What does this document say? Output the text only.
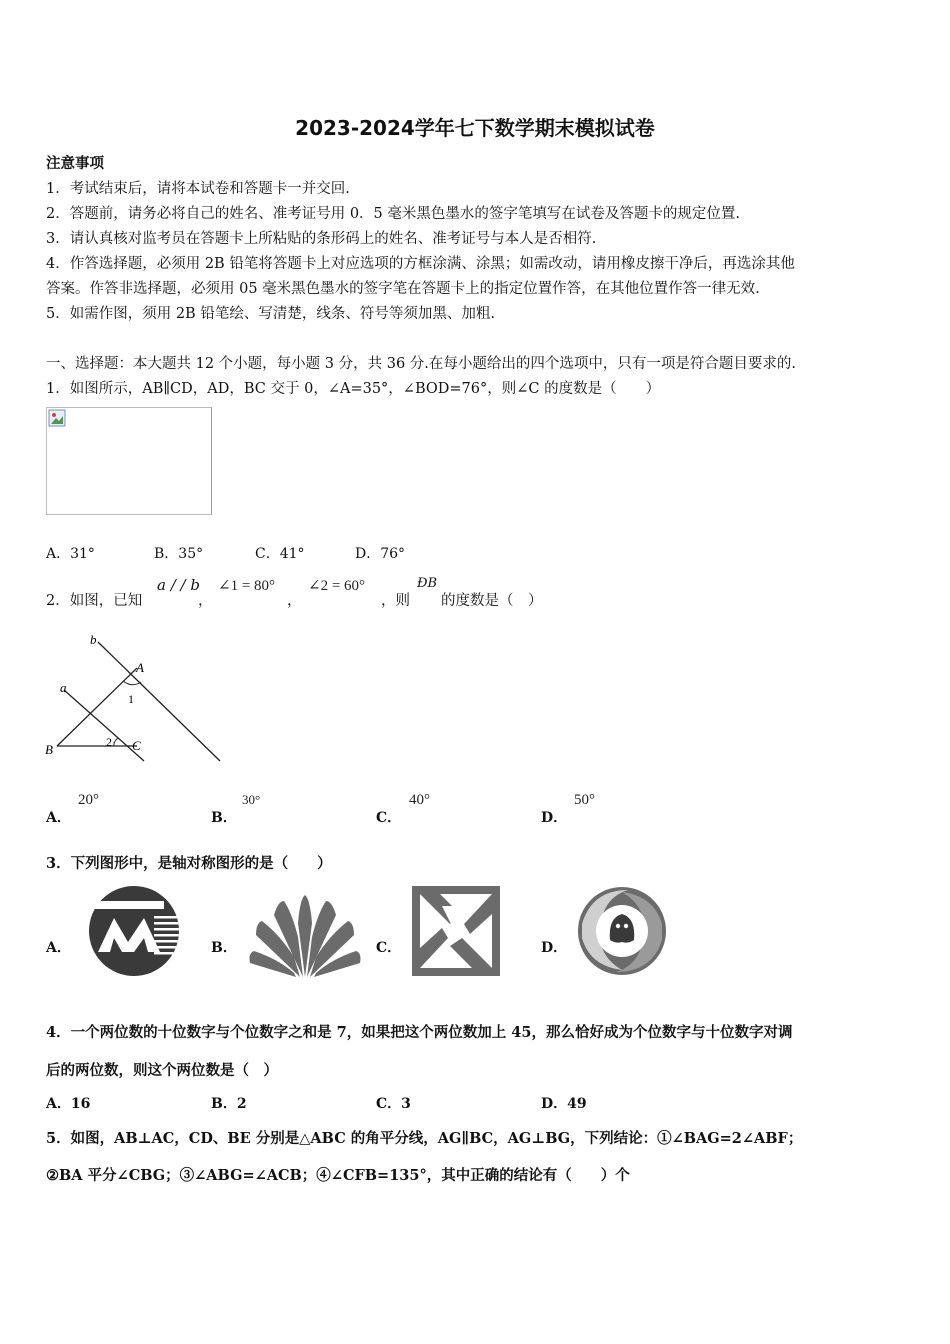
2023-2024学年七下数学期末模拟试卷
注意事项
1．考试结束后，请将本试卷和答题卡一并交回.
2．答题前，请务必将自己的姓名、准考证号用 0．5 毫米黑色墨水的签字笔填写在试卷及答题卡的规定位置.
3．请认真核对监考员在答题卡上所粘贴的条形码上的姓名、准考证号与本人是否相符.
4．作答选择题，必须用 2B 铅笔将答题卡上对应选项的方框涂满、涂黑；如需改动，请用橡皮擦干净后，再选涂其他
答案。作答非选择题，必须用 05 毫米黑色墨水的签字笔在答题卡上的指定位置作答，在其他位置作答一律无效.
5．如需作图，须用 2B 铅笔绘、写清楚，线条、符号等须加黑、加粗.
一、选择题：本大题共 12 个小题，每小题 3 分，共 36 分.在每小题给出的四个选项中，只有一项是符合题目要求的.
1．如图所示，AB∥CD，AD，BC 交于 0，∠A=35°，∠BOD=76°，则∠C 的度数是（　　）
A．31°	B．35°	C．41°	D．76°
2．如图，已知
a / / b
，
∠1 = 80°
，
∠2 = 60°
，则
ÐB
的度数是（　）
b
A
1
a
B	2 C
A．
20°
B．
30°
C．
40°
D．
50°
3．下列图形中，是轴对称图形的是（　　）
A．	B．	C．	D．
4．一个两位数的十位数字与个位数字之和是 7，如果把这个两位数加上 45，那么恰好成为个位数字与十位数字对调
后的两位数，则这个两位数是（　）
A．16	B．2	C．3	D．49
5．如图，AB⊥AC，CD、BE 分别是△ABC 的角平分线，AG∥BC，AG⊥BG，下列结论：①∠BAG=2∠ABF；
②BA 平分∠CBG；③∠ABG=∠ACB；④∠CFB=135°，其中正确的结论有（　　）个
